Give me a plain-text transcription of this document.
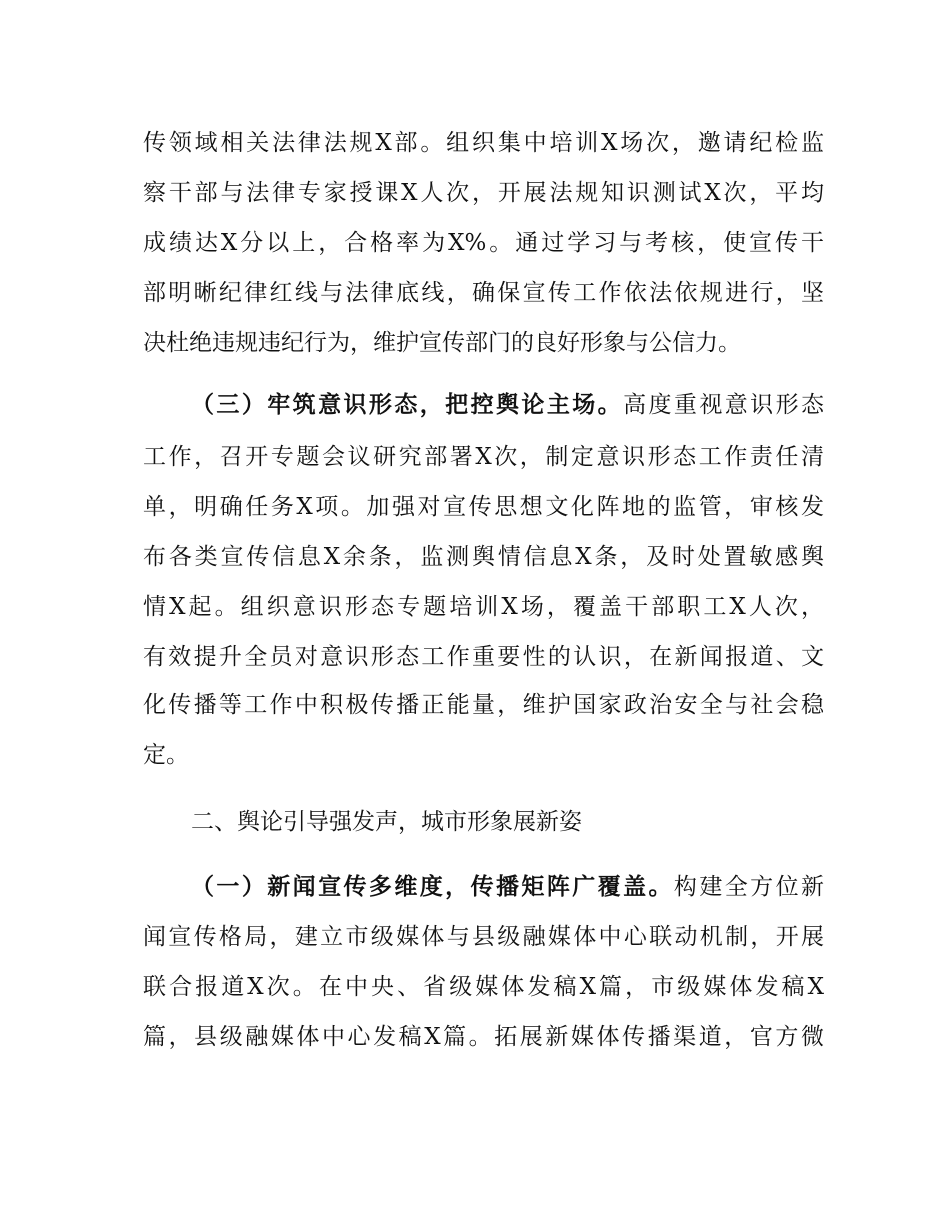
传领域相关法律法规X部。组织集中培训X场次，邀请纪检监
察干部与法律专家授课X人次，开展法规知识测试X次，平均
成绩达X分以上，合格率为X%。通过学习与考核，使宣传干
部明晰纪律红线与法律底线，确保宣传工作依法依规进行，坚
决杜绝违规违纪行为，维护宣传部门的良好形象与公信力。
（三）牢筑意识形态，把控舆论主场。高度重视意识形态
工作，召开专题会议研究部署X次，制定意识形态工作责任清
单，明确任务X项。加强对宣传思想文化阵地的监管，审核发
布各类宣传信息X余条，监测舆情信息X条，及时处置敏感舆
情X起。组织意识形态专题培训X场，覆盖干部职工X人次，
有效提升全员对意识形态工作重要性的认识，在新闻报道、文
化传播等工作中积极传播正能量，维护国家政治安全与社会稳
定。
二、舆论引导强发声，城市形象展新姿
（一）新闻宣传多维度，传播矩阵广覆盖。构建全方位新
闻宣传格局，建立市级媒体与县级融媒体中心联动机制，开展
联合报道X次。在中央、省级媒体发稿X篇，市级媒体发稿X
篇，县级融媒体中心发稿X篇。拓展新媒体传播渠道，官方微
